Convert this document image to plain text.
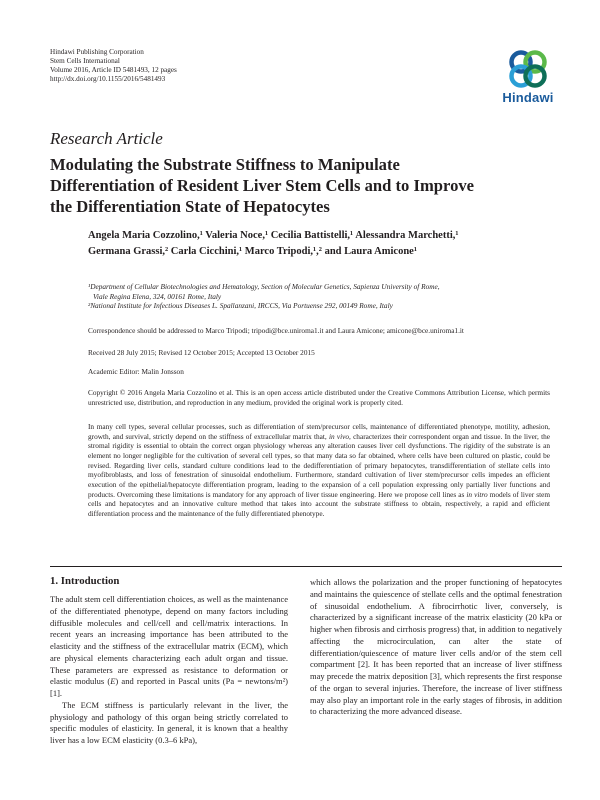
Hindawi Publishing Corporation
Stem Cells International
Volume 2016, Article ID 5481493, 12 pages
http://dx.doi.org/10.1155/2016/5481493
Hindawi
Research Article
Modulating the Substrate Stiffness to Manipulate
Differentiation of Resident Liver Stem Cells and to Improve
the Differentiation State of Hepatocytes
Angela Maria Cozzolino,¹ Valeria Noce,¹ Cecilia Battistelli,¹ Alessandra Marchetti,¹
Germana Grassi,² Carla Cicchini,¹ Marco Tripodi,¹,² and Laura Amicone¹
¹Department of Cellular Biotechnologies and Hematology, Section of Molecular Genetics, Sapienza University of Rome,
Viale Regina Elena, 324, 00161 Rome, Italy
²National Institute for Infectious Diseases L. Spallanzani, IRCCS, Via Portuense 292, 00149 Rome, Italy
Correspondence should be addressed to Marco Tripodi; tripodi@bce.uniroma1.it and Laura Amicone; amicone@bce.uniroma1.it
Received 28 July 2015; Revised 12 October 2015; Accepted 13 October 2015
Academic Editor: Malin Jonsson
Copyright © 2016 Angela Maria Cozzolino et al. This is an open access article distributed under the Creative Commons Attribution License, which permits unrestricted use, distribution, and reproduction in any medium, provided the original work is properly cited.
In many cell types, several cellular processes, such as differentiation of stem/precursor cells, maintenance of differentiated phenotype, motility, adhesion, growth, and survival, strictly depend on the stiffness of extracellular matrix that, in vivo, characterizes their correspondent organ and tissue. In the liver, the stromal rigidity is essential to obtain the correct organ physiology whereas any alteration causes liver cell dysfunctions. The rigidity of the substrate is an element no longer negligible for the cultivation of several cell types, so that many data so far obtained, where cells have been cultured on plastic, could be revised. Regarding liver cells, standard culture conditions lead to the dedifferentiation of primary hepatocytes, transdifferentiation of stellate cells into myofibroblasts, and loss of fenestration of sinusoidal endothelium. Furthermore, standard cultivation of liver stem/precursor cells impedes an efficient execution of the epithelial/hepatocyte differentiation program, leading to the expansion of a cell population expressing only partially liver functions and products. Overcoming these limitations is mandatory for any approach of liver tissue engineering. Here we propose cell lines as in vitro models of liver stem cells and hepatocytes and an innovative culture method that takes into account the substrate stiffness to obtain, respectively, a rapid and efficient differentiation process and the maintenance of the fully differentiated phenotype.
1. Introduction

The adult stem cell differentiation choices, as well as the maintenance of the differentiated phenotype, depend on many factors including diffusible molecules and cell/cell and cell/matrix interactions. In recent years an increasing importance has been attributed to the elasticity and the stiffness of the extracellular matrix (ECM), which are physical elements characterizing each adult organ and tissue. These parameters are expressed as resistance to deformation or elastic modulus (E) and reported in Pascal units (Pa = newtons/m²) [1].

The ECM stiffness is particularly relevant in the liver, the physiology and pathology of this organ being strictly correlated to specific modules of elasticity. In general, it is known that a healthy liver has a low ECM elasticity (0.3–6 kPa),

which allows the polarization and the proper functioning of hepatocytes and maintains the quiescence of stellate cells and the optimal fenestration of sinusoidal endothelium. A fibrocirrhotic liver, conversely, is characterized by a significant increase of the matrix elasticity (20 kPa or higher when fibrosis and cirrhosis progress) that, in addition to negatively affecting the microcirculation, can alter the state of differentiation/quiescence of mature liver cells and/or of the stem cell compartment [2]. It has been reported that an increase of liver stiffness may precede the matrix deposition [3], which represents the first response of the organ to several injuries. Therefore, the increase of liver stiffness may also play an important role in the early stages of fibrosis, in addition to characterizing the more advanced disease.
